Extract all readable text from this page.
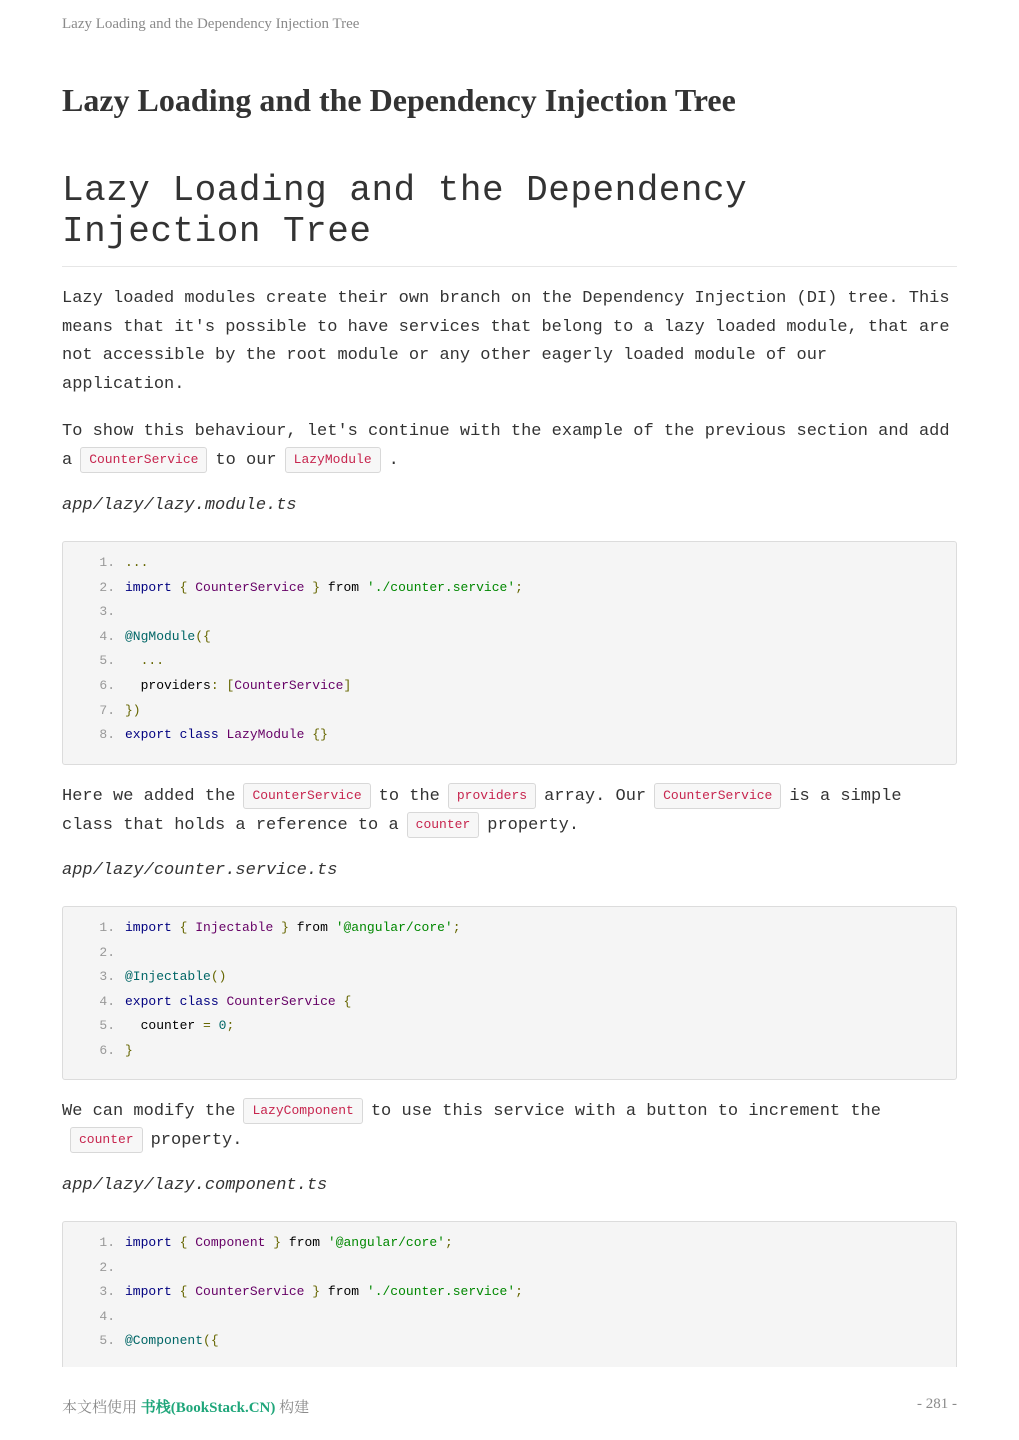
Lazy Loading and the Dependency Injection Tree
Lazy Loading and the Dependency Injection Tree
Lazy Loading and the Dependency Injection Tree

Lazy loaded modules create their own branch on the Dependency Injection (DI) tree. This means that it's possible to have services that belong to a lazy loaded module, that are not accessible by the root module or any other eagerly loaded module of our application.

To show this behaviour, let's continue with the example of the previous section and add a CounterService to our LazyModule .

app/lazy/lazy.module.ts

1. ...
2. import { CounterService } from './counter.service';
3.
4. @NgModule({
5. ...
6.  providers: [CounterService]
7. })
8. export class LazyModule {}

Here we added the CounterService to the providers array. Our CounterService is a simple class that holds a reference to a counter property.

app/lazy/counter.service.ts

1. import { Injectable } from '@angular/core';
2.
3. @Injectable()
4. export class CounterService {
5.  counter = 0;
6. }

We can modify the LazyComponent to use this service with a button to increment thecounter property.

app/lazy/lazy.component.ts

1. import { Component } from '@angular/core';
2.
3. import { CounterService } from './counter.service';
4.
5. @Component({
本文档使用 书栈(BookStack.CN) 构建	- 281 -
